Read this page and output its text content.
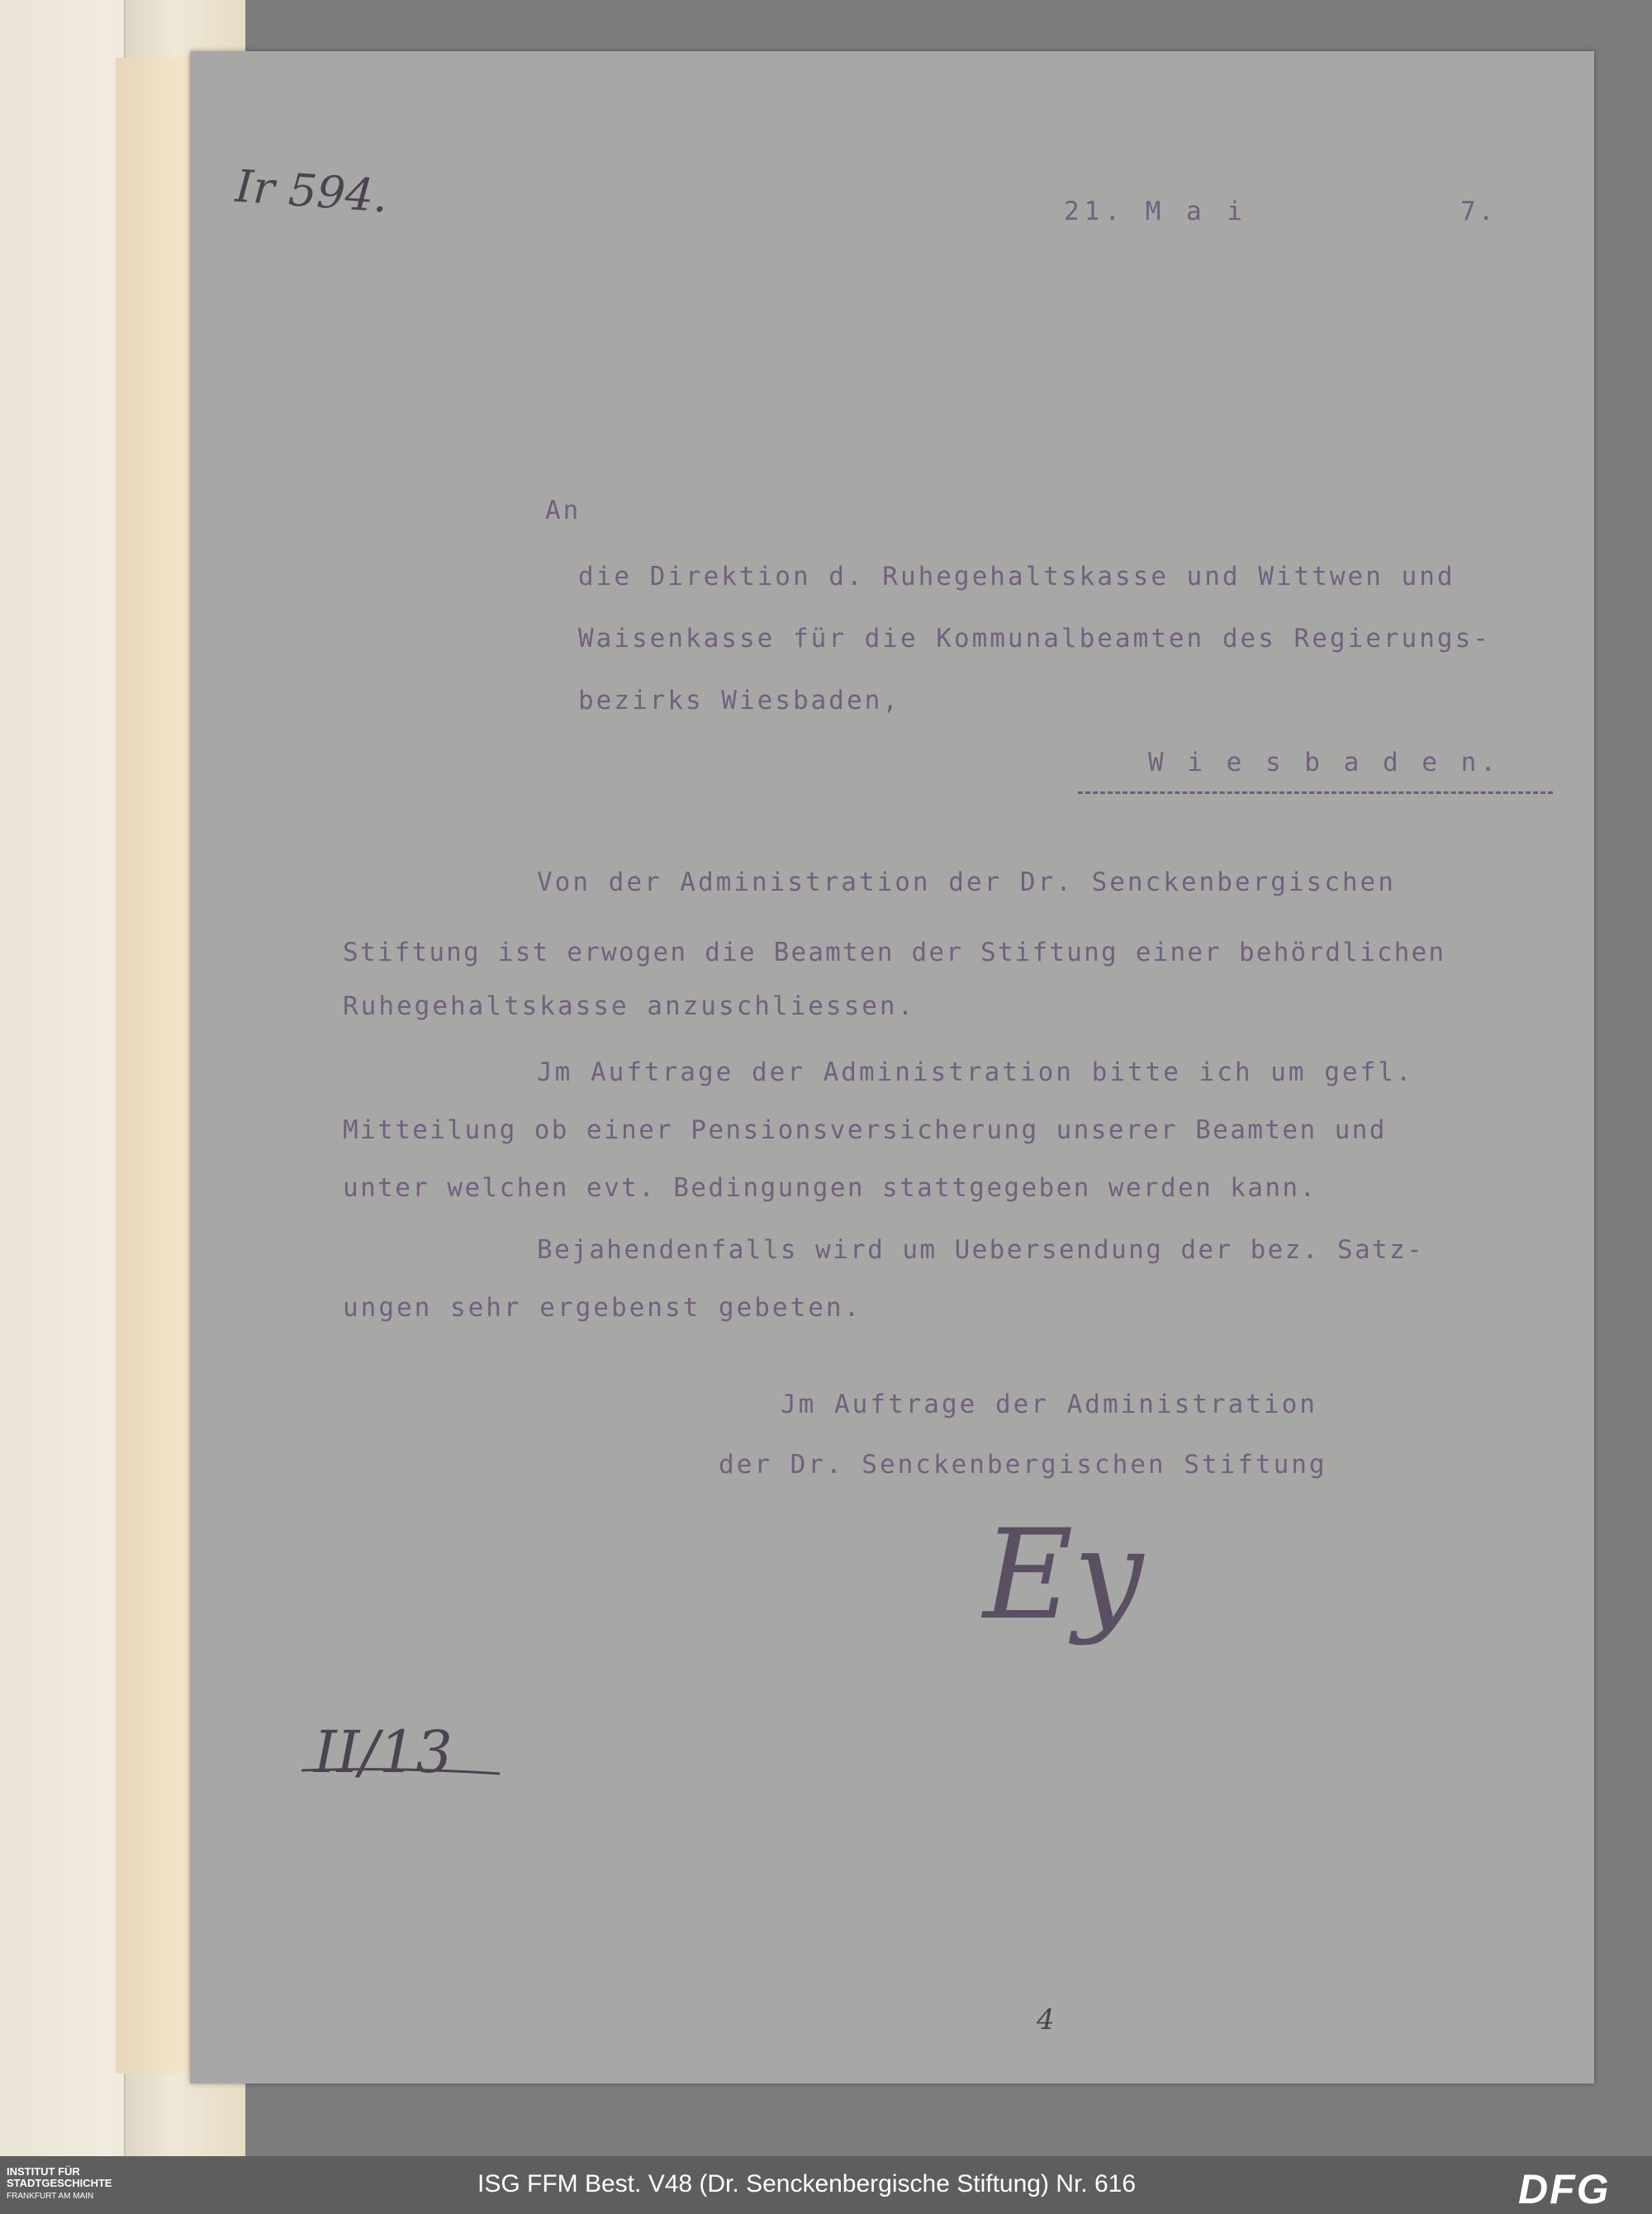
Ir 594.	21. M a i	7.
An
die Direktion d. Ruhegehaltskasse und Wittwen und
Waisenkasse für die Kommunalbeamten des Regierungs-
bezirks Wiesbaden,
W i e s b a d e n.
Von der Administration der Dr. Senckenbergischen
Stiftung ist erwogen die Beamten der Stiftung einer behördlichen
Ruhegehaltskasse anzuschliessen.
Jm Auftrage der Administration bitte ich um gefl.
Mitteilung ob einer Pensionsversicherung unserer Beamten und
unter welchen evt. Bedingungen stattgegeben werden kann.
Bejahendenfalls wird um Uebersendung der bez. Satz-
ungen sehr ergebenst gebeten.
Jm Auftrage der Administration
der Dr. Senckenbergischen Stiftung
Ey
II/13
4
INSTITUT FÜR
STADTGESCHICHTE
FRANKFURT AM MAIN	ISG FFM Best. V48 (Dr. Senckenbergische Stiftung) Nr. 616	DFG
